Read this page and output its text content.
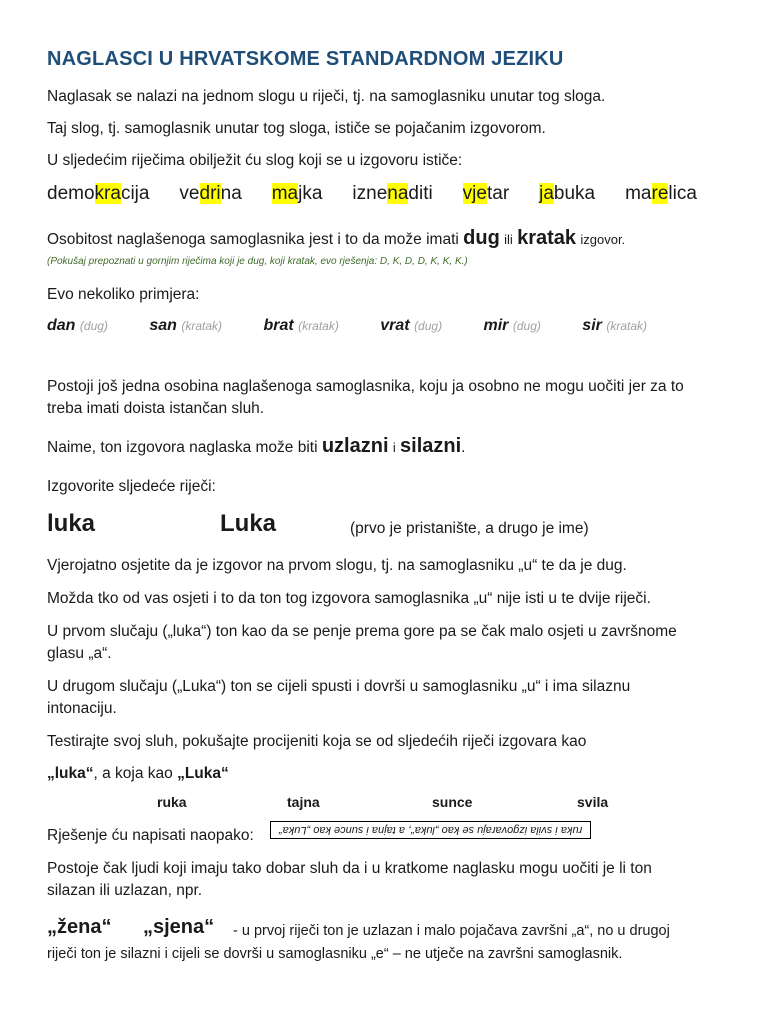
NAGLASCI U HRVATSKOME STANDARDNOM JEZIKU
Naglasak se nalazi na jednom slogu u riječi, tj. na samoglasniku unutar tog sloga.
Taj slog, tj. samoglasnik unutar tog sloga, ističe se pojačanim izgovorom.
U sljedećim riječima obilježit ću slog koji se u izgovoru ističe:
demokracija vedrina majka iznenaditi vjetar jabuka marelica
Osobitost naglašenoga samoglasnika jest i to da može imati dug ili kratak izgovor.
(Pokušaj prepoznati u gornjim riječima koji je dug, koji kratak, evo rješenja: D, K, D, D, K, K, K.)
Evo nekoliko primjera:
dan (dug)	san (kratak)	brat (kratak)	vrat (dug)	mir (dug)	sir (kratak)
Postoji još jedna osobina naglašenoga samoglasnika, koju ja osobno ne mogu uočiti jer za to
treba imati doista istančan sluh.
Naime, ton izgovora naglaska može biti uzlazni i silazni.
Izgovorite sljedeće riječi:
luka	Luka	(prvo je pristanište, a drugo je ime)
Vjerojatno osjetite da je izgovor na prvom slogu, tj. na samoglasniku „u“ te da je dug.
Možda tko od vas osjeti i to da ton tog izgovora samoglasnika „u“ nije isti u te dvije riječi.
U prvom slučaju („luka“) ton kao da se penje prema gore pa se čak malo osjeti u završnome
glasu „a“.
U drugom slučaju („Luka“) ton se cijeli spusti i dovrši u samoglasniku „u“ i ima silaznu
intonaciju.
Testirajte svoj sluh, pokušajte procijeniti koja se od sljedećih riječi izgovara kao
„luka“, a koja kao „Luka“
ruka	tajna	sunce	svila
Rješenje ću napisati naopako:	ruka i svila izgovaraju se kao „luka“, a tajna i sunce kao „Luka“
Postoje čak ljudi koji imaju tako dobar sluh da i u kratkome naglasku mogu uočiti je li ton
silazan ili uzlazan, npr.
„žena“ „sjena“ - u prvoj riječi ton je uzlazan i malo pojačava završni „a“, no u drugoj
riječi ton je silazni i cijeli se dovrši u samoglasniku „e“ – ne utječe na završni samoglasnik.
